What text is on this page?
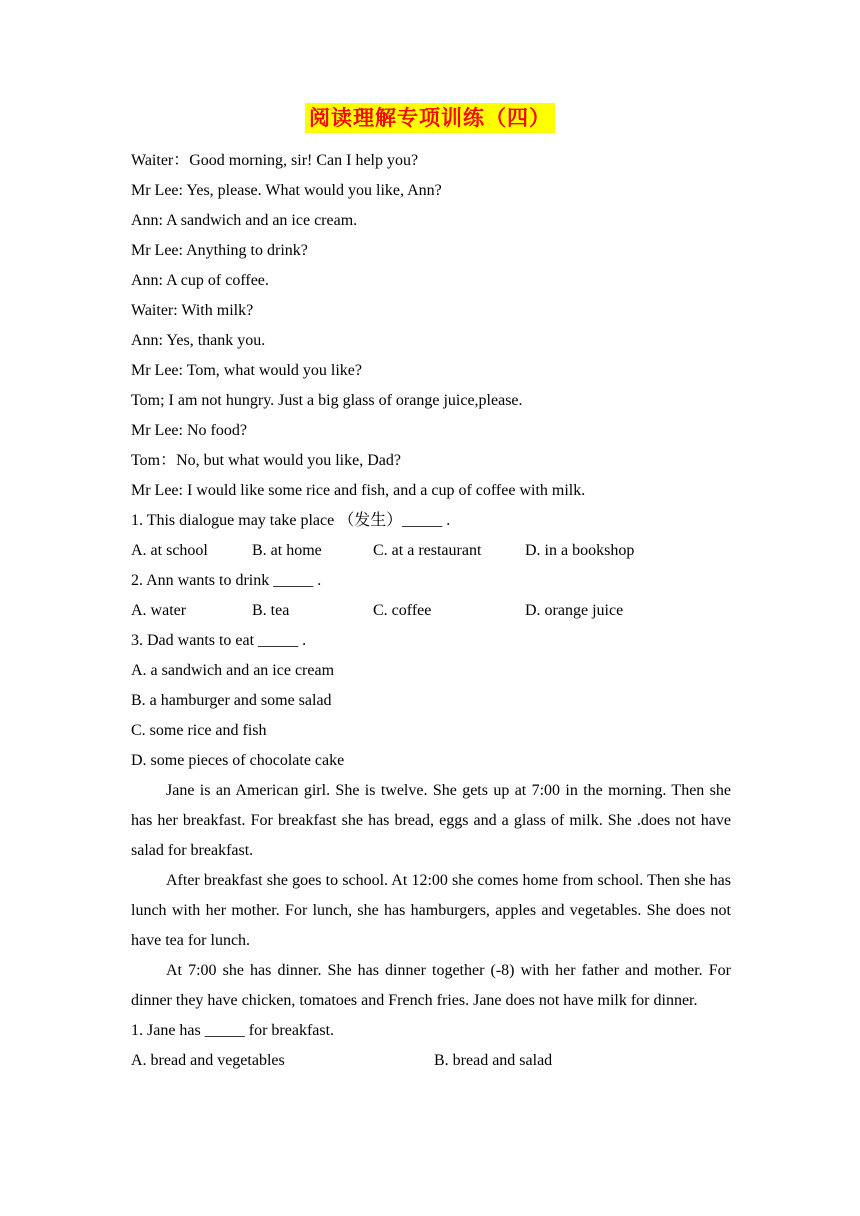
阅读理解专项训练（四）
Waiter：Good morning, sir! Can I help you?
Mr Lee: Yes, please. What would you like, Ann?
Ann: A sandwich and an ice cream.
Mr Lee: Anything to drink?
Ann: A cup of coffee.
Waiter: With milk?
Ann: Yes, thank you.
Mr Lee: Tom, what would you like?
Tom; I am not hungry. Just a big glass of orange juice,please.
Mr Lee: No food?
Tom：No, but what would you like, Dad?
Mr Lee: I would like some rice and fish, and a cup of coffee with milk.
1. This dialogue may take place （发生）_____ .
A. at school	B. at home	C. at a restaurant	D. in a bookshop
2. Ann wants to drink _____ .
A. water	B. tea	C. coffee	D. orange juice
3. Dad wants to eat _____ .
A. a sandwich and an ice cream
B. a hamburger and some salad
C. some rice and fish
D. some pieces of chocolate cake

Jane is an American girl. She is twelve. She gets up at 7:00 in the morning. Then she has her breakfast. For breakfast she has bread, eggs and a glass of milk. She .does not have salad for breakfast.

After breakfast she goes to school. At 12:00 she comes home from school. Then she has lunch with her mother. For lunch, she has hamburgers, apples and vegetables. She does not have tea for lunch.

At 7:00 she has dinner. She has dinner together (-8) with her father and mother. For dinner they have chicken, tomatoes and French fries. Jane does not have milk for dinner.

1. Jane has _____ for breakfast.
A. bread and vegetables	B. bread and salad
